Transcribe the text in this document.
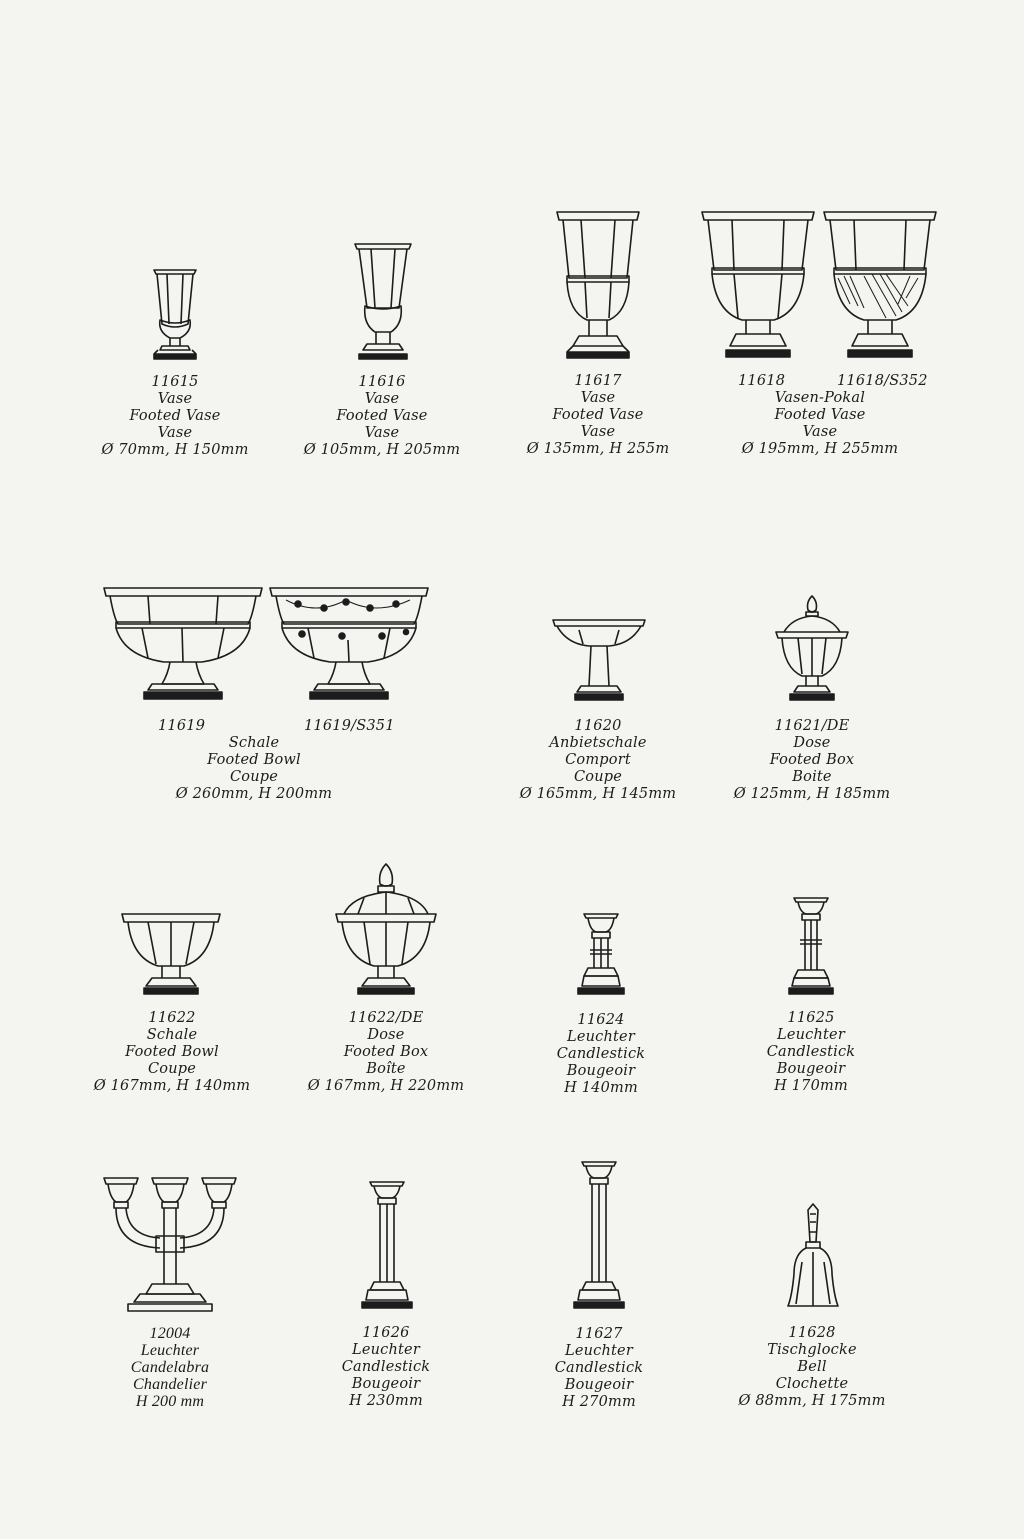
11615
Vase
Footed Vase
Vase
Ø 70mm, H 150mm
11616
Vase
Footed Vase
Vase
Ø 105mm, H 205mm
11617
Vase
Footed Vase
Vase
Ø 135mm, H 255m
11618	11618/S352
Vasen-Pokal
Footed Vase
Vase
Ø 195mm, H 255mm
11619	11619/S351
Schale
Footed Bowl
Coupe
Ø 260mm, H 200mm
11620
Anbietschale
Comport
Coupe
Ø 165mm, H 145mm
11621/DE
Dose
Footed Box
Boite
Ø 125mm, H 185mm
11622
Schale
Footed Bowl
Coupe
Ø 167mm, H 140mm
11622/DE
Dose
Footed Box
Boîte
Ø 167mm, H 220mm
11624
Leuchter
Candlestick
Bougeoir
H 140mm
11625
Leuchter
Candlestick
Bougeoir
H 170mm
12004
Leuchter
Candelabra
Chandelier
H 200 mm
11626
Leuchter
Candlestick
Bougeoir
H 230mm
11627
Leuchter
Candlestick
Bougeoir
H 270mm
11628
Tischglocke
Bell
Clochette
Ø 88mm, H 175mm
